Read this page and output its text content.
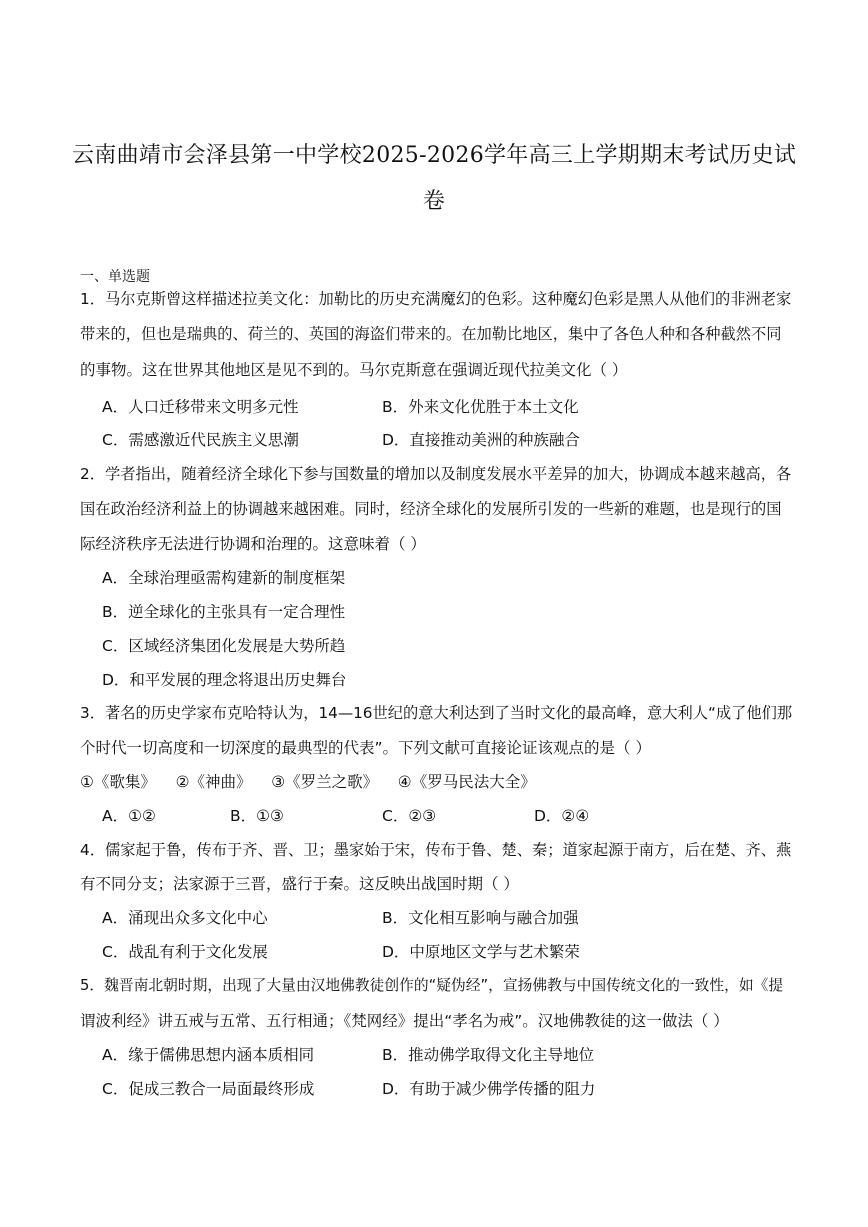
云南曲靖市会泽县第一中学校2025-2026学年高三上学期期末考试历史试
卷
一、单选题
1．马尔克斯曾这样描述拉美文化：加勒比的历史充满魔幻的色彩。这种魔幻色彩是黑人从他们的非洲老家
带来的，但也是瑞典的、荷兰的、英国的海盗们带来的。在加勒比地区，集中了各色人种和各种截然不同
的事物。这在世界其他地区是见不到的。马尔克斯意在强调近现代拉美文化（ ）
A．人口迁移带来文明多元性	B．外来文化优胜于本土文化
C．需感激近代民族主义思潮	D．直接推动美洲的种族融合
2．学者指出，随着经济全球化下参与国数量的增加以及制度发展水平差异的加大，协调成本越来越高，各
国在政治经济利益上的协调越来越困难。同时，经济全球化的发展所引发的一些新的难题，也是现行的国
际经济秩序无法进行协调和治理的。这意味着（ ）
A．全球治理亟需构建新的制度框架
B．逆全球化的主张具有一定合理性
C．区域经济集团化发展是大势所趋
D．和平发展的理念将退出历史舞台
3．著名的历史学家布克哈特认为，14—16世纪的意大利达到了当时文化的最高峰，意大利人“成了他们那
个时代一切高度和一切深度的最典型的代表”。下列文献可直接论证该观点的是（ ）
①《歌集》    ②《神曲》    ③《罗兰之歌》    ④《罗马民法大全》
A．①②	B．①③	C．②③	D．②④
4．儒家起于鲁，传布于齐、晋、卫；墨家始于宋，传布于鲁、楚、秦；道家起源于南方，后在楚、齐、燕
有不同分支；法家源于三晋，盛行于秦。这反映出战国时期（ ）
A．涌现出众多文化中心	B．文化相互影响与融合加强
C．战乱有利于文化发展	D．中原地区文学与艺术繁荣
5．魏晋南北朝时期，出现了大量由汉地佛教徒创作的“疑伪经”，宣扬佛教与中国传统文化的一致性，如《提
谓波利经》讲五戒与五常、五行相通；《梵网经》提出“孝名为戒”。汉地佛教徒的这一做法（ ）
A．缘于儒佛思想内涵本质相同	B．推动佛学取得文化主导地位
C．促成三教合一局面最终形成	D．有助于减少佛学传播的阻力
